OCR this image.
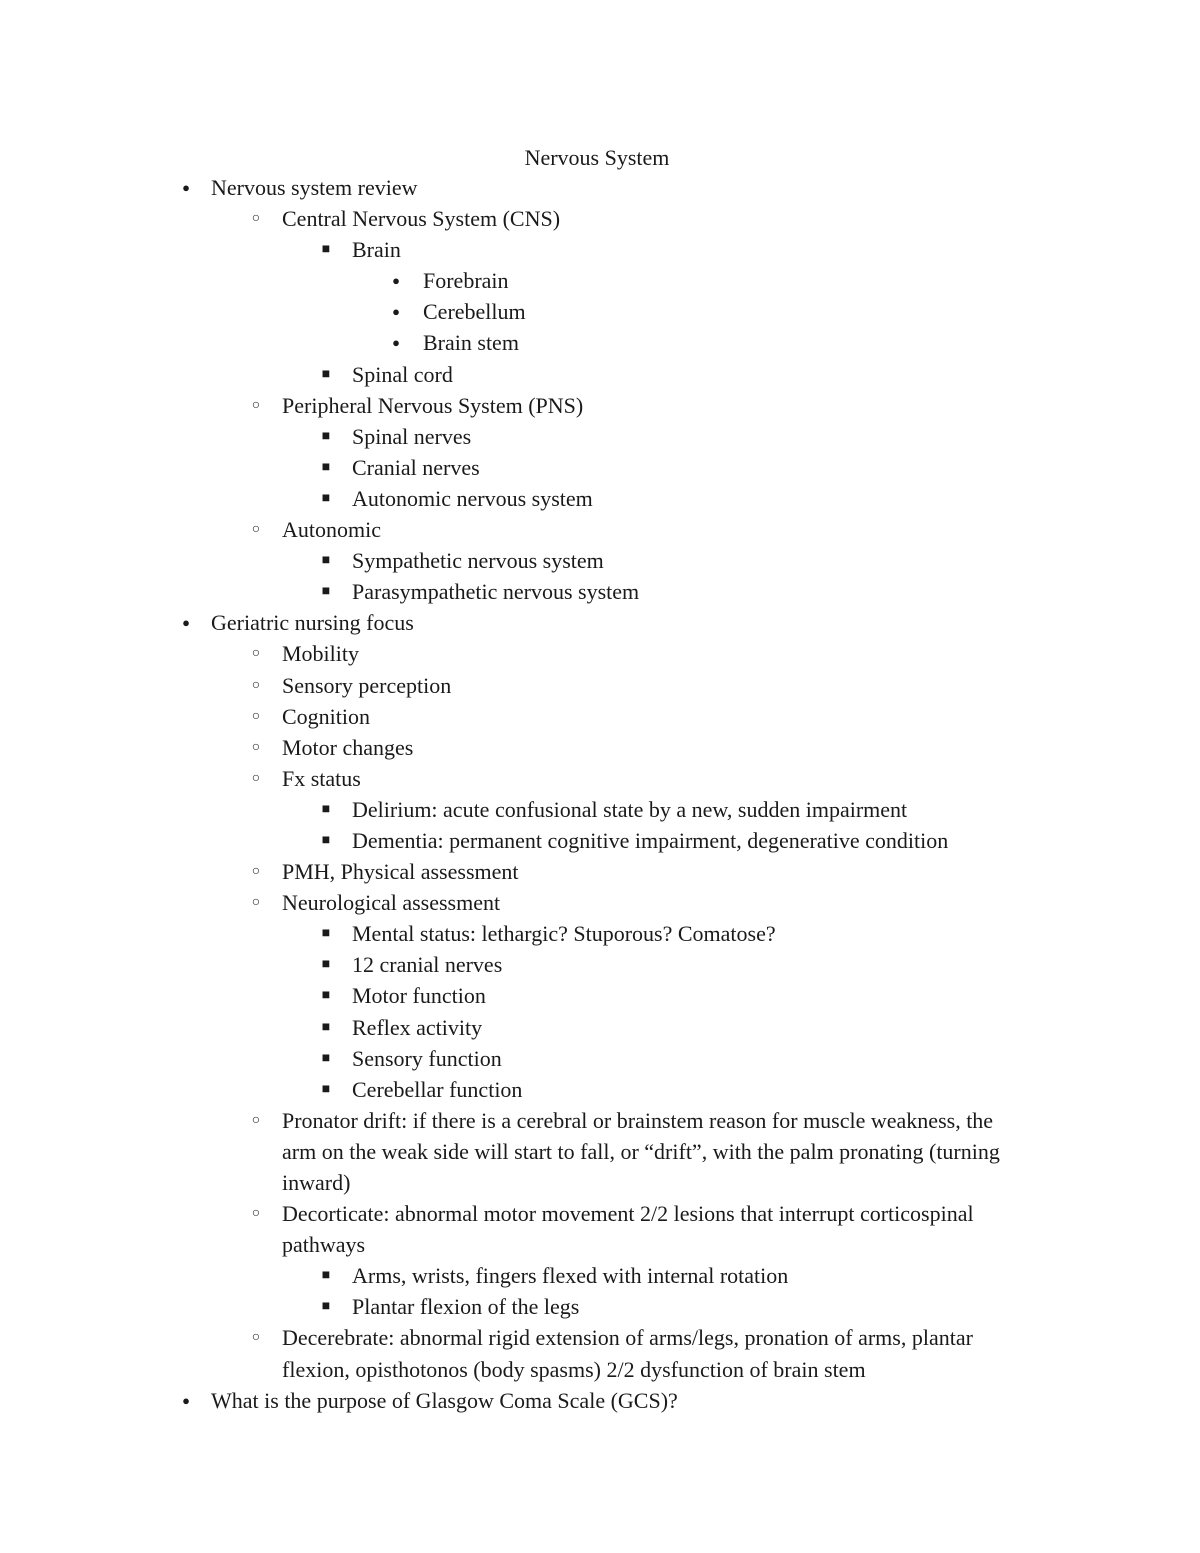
Nervous System
● Nervous system review
○ Central Nervous System (CNS)
■ Brain
●	Forebrain
●	Cerebellum
●	Brain stem
■ Spinal cord
○ Peripheral Nervous System (PNS)
■ Spinal nerves
■ Cranial nerves
■ Autonomic nervous system
○ Autonomic
■ Sympathetic nervous system
■ Parasympathetic nervous system
● Geriatric nursing focus
○ Mobility
○ Sensory perception
○ Cognition
○ Motor changes
○ Fx status
■ Delirium: acute confusional state by a new, sudden impairment
■ Dementia: permanent cognitive impairment, degenerative condition
○ PMH, Physical assessment
○ Neurological assessment
■ Mental status: lethargic? Stuporous? Comatose?
■ 12 cranial nerves
■ Motor function
■ Reflex activity
■ Sensory function
■ Cerebellar function
○ Pronator drift: if there is a cerebral or brainstem reason for muscle weakness, the
arm on the weak side will start to fall, or “drift”, with the palm pronating (turning
inward)
○ Decorticate: abnormal motor movement 2/2 lesions that interrupt corticospinal
pathways
■ Arms, wrists, fingers flexed with internal rotation
■ Plantar flexion of the legs
○ Decerebrate: abnormal rigid extension of arms/legs, pronation of arms, plantar
flexion, opisthotonos (body spasms) 2/2 dysfunction of brain stem
● What is the purpose of Glasgow Coma Scale (GCS)?
